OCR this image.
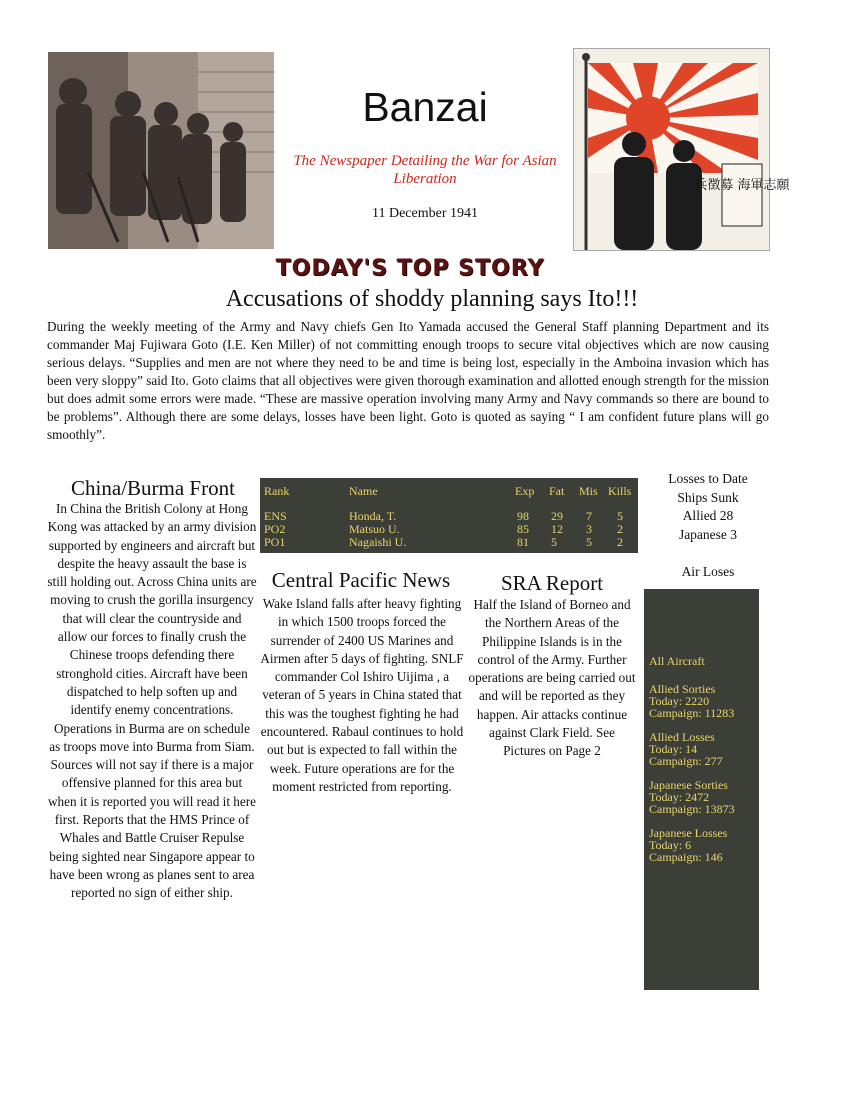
兵徴募 海軍志願
Banzai
The Newspaper Detailing the War for Asian Liberation
11 December 1941
TODAY'S TOP STORY
Accusations of shoddy planning says Ito!!!
During the weekly meeting of the Army and Navy chiefs Gen Ito Yamada accused the General Staff planning Department and its commander Maj Fujiwara Goto (I.E. Ken Miller) of not committing enough troops to secure vital objectives which are now causing serious delays. “Supplies and men are not where they need to be and time is being lost, especially in the Amboina invasion which has been very sloppy” said Ito. Goto claims that all objectives were given thorough examination and allotted enough strength for the mission but does admit some errors were made. “These are massive operation involving many Army and Navy commands so there are bound to be problems”. Although there are some delays, losses have been light. Goto is quoted as saying “ I am confident future plans will go smoothly”.
China/Burma Front
In China the British Colony at Hong Kong was attacked by an army division supported by engineers and aircraft but despite the heavy assault the base is still holding out. Across China units are moving to crush the gorilla insurgency that will clear the countryside and allow our forces to finally crush the Chinese troops defending there stronghold cities. Aircraft have been dispatched to help soften up and identify enemy concentrations. Operations in Burma are on schedule as troops move into Burma from Siam. Sources will not say if there is a major offensive planned for this area but when it is reported you will read it here first. Reports that the HMS Prince of Whales and Battle Cruiser Repulse being sighted near Singapore appear to have been wrong as planes sent to area reported no sign of either ship.
Rank	Name	Exp Fat Mis Kills
ENS	Honda, T.	98 29 7 5
PO2	Matsuo U.	85 12 3 2
PO1	Nagaishi U.	81 5 5 2
Central Pacific News
Wake Island falls after heavy fighting in which 1500 troops forced the surrender of 2400 US Marines and Airmen after 5 days of fighting. SNLF commander Col Ishiro Uijima , a veteran of 5 years in China stated that this was the toughest fighting he had encountered. Rabaul continues to hold out but is expected to fall within the week. Future operations are for the moment restricted from reporting.
SRA Report
Half the Island of Borneo and the Northern Areas of the Philippine Islands is in the control of the Army. Further operations are being carried out and will be reported as they happen. Air attacks continue against Clark Field. See Pictures on Page 2
Losses to Date
Ships Sunk
Allied 28
Japanese 3
Air Loses
All Aircraft
Allied Sorties
Today: 2220
Campaign: 11283
Allied Losses
Today: 14
Campaign: 277
Japanese Sorties
Today: 2472
Campaign: 13873
Japanese Losses
Today: 6
Campaign: 146
